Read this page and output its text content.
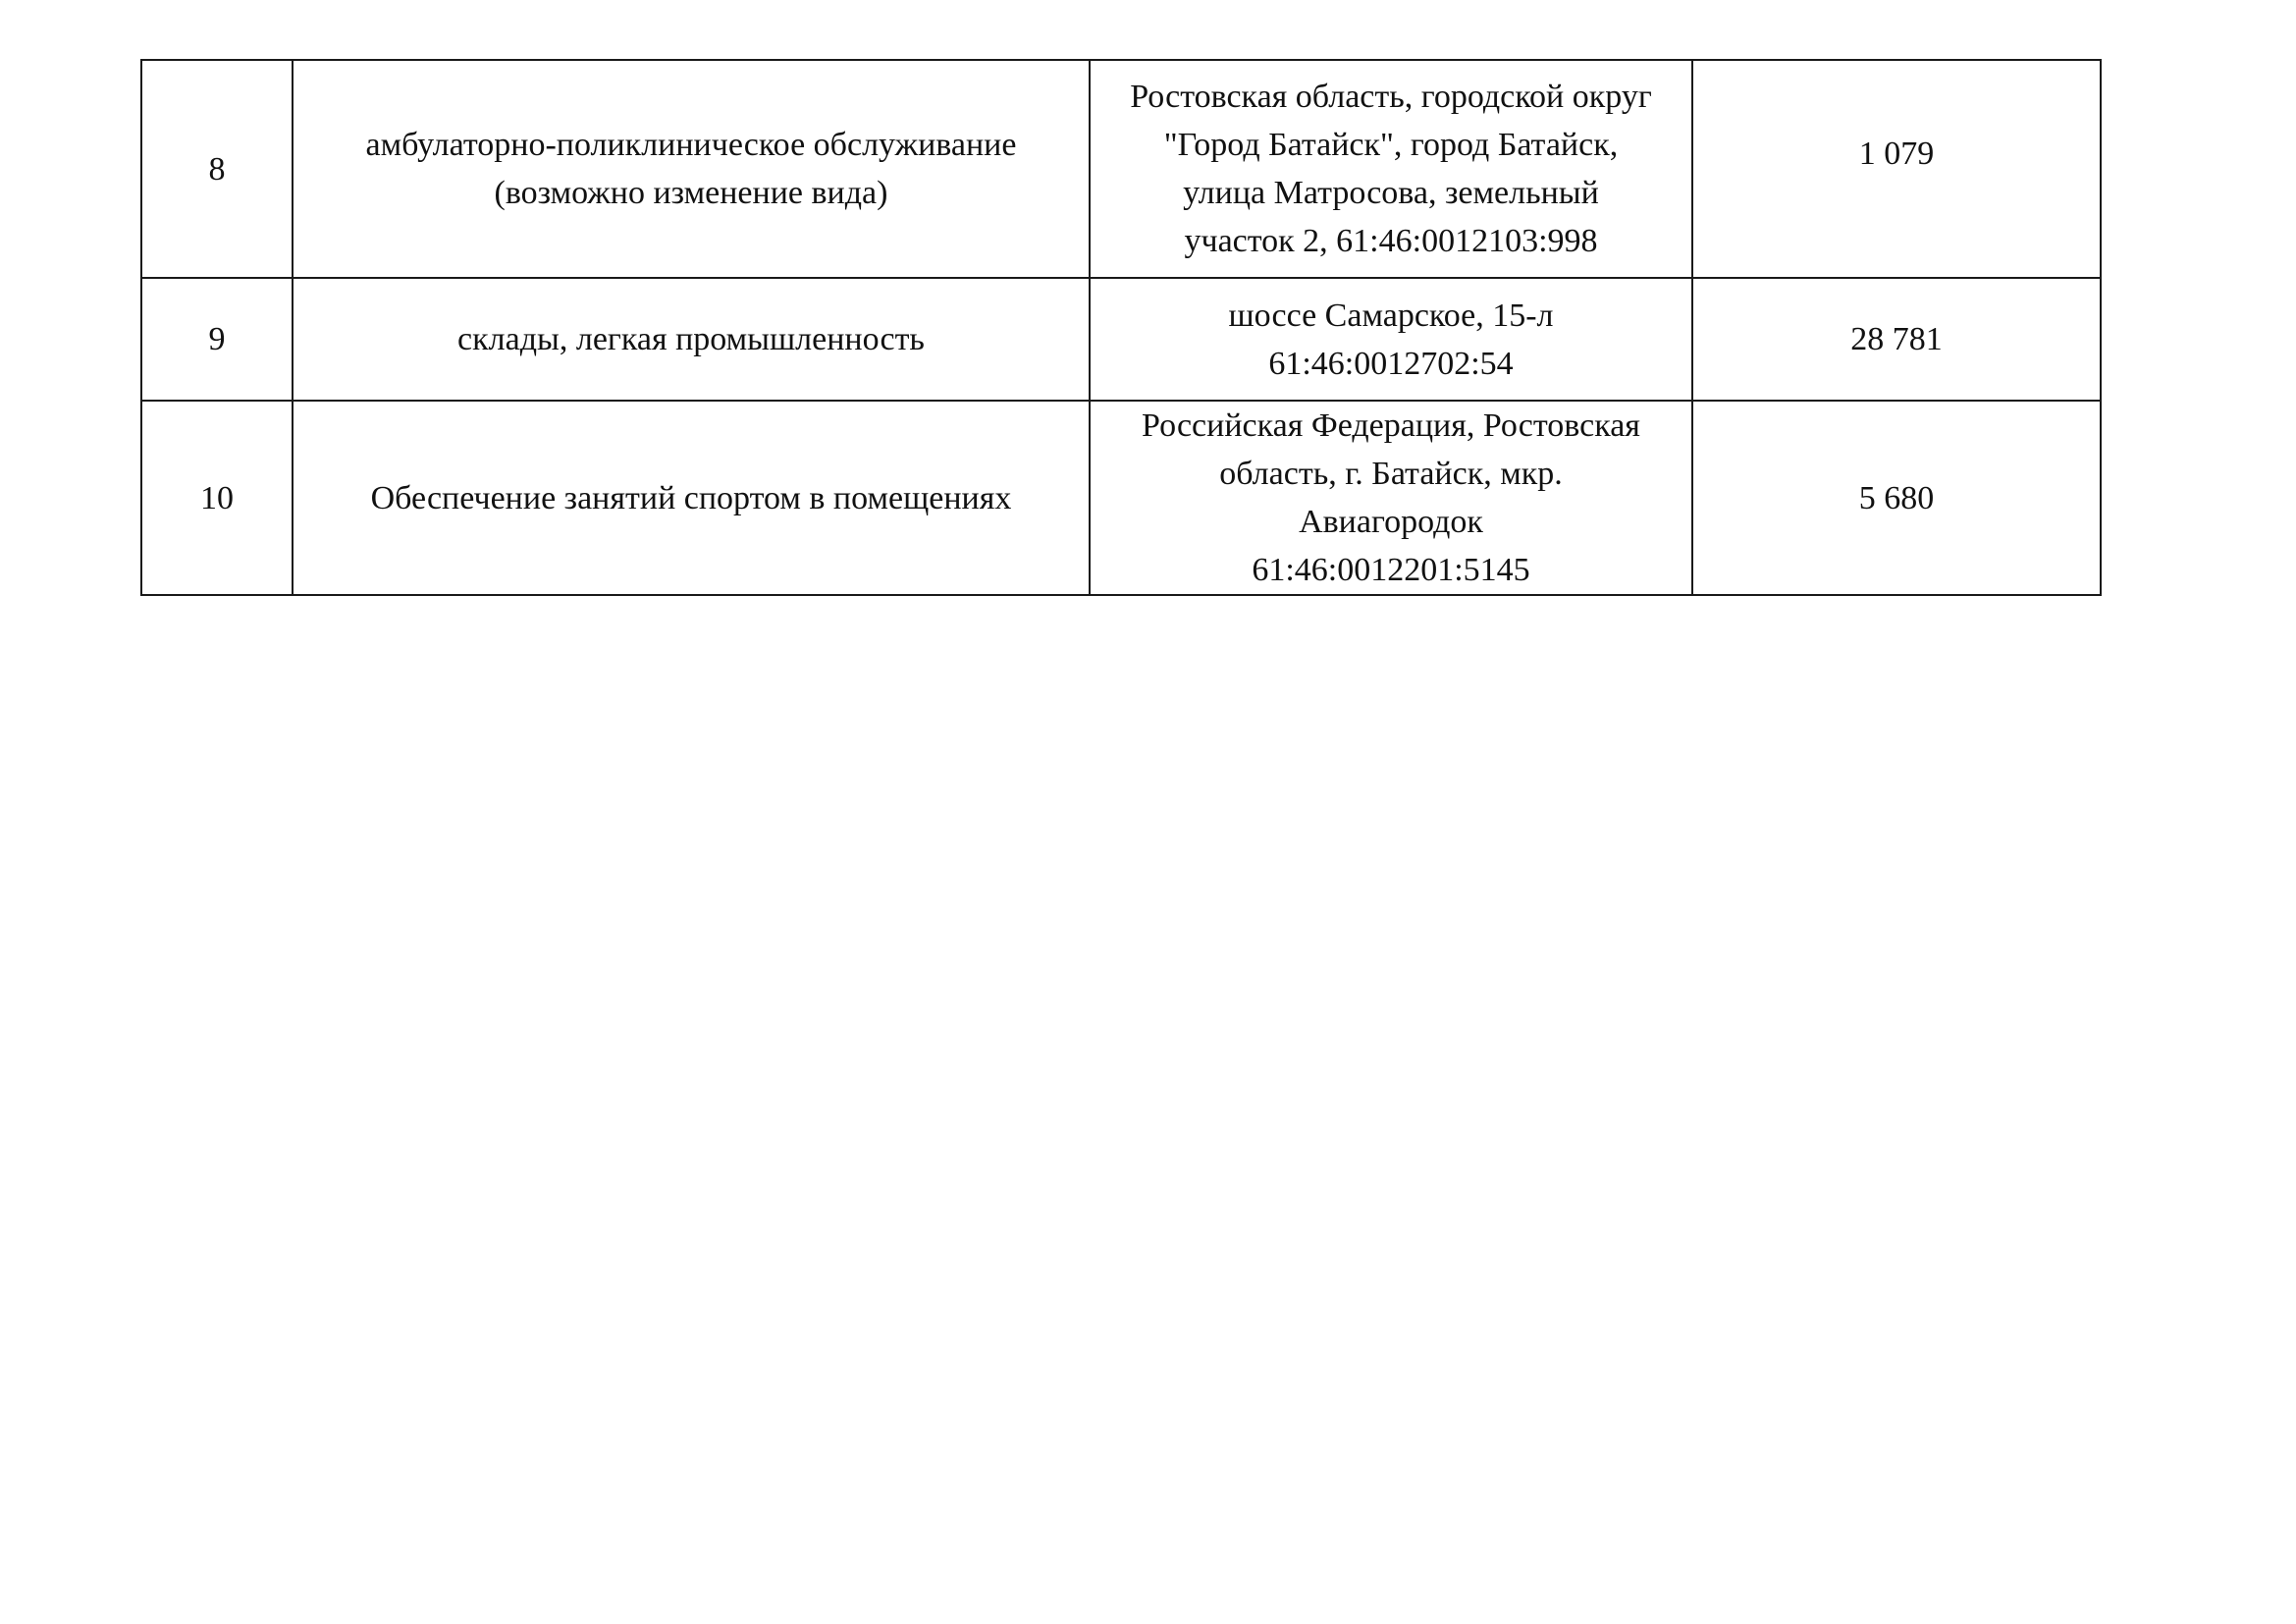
8	амбулаторно-поликлиническое обслуживание
(возможно изменение вида)	Ростовская область, городской округ
"Город Батайск", город Батайск,
улица Матросова, земельный
участок 2, 61:46:0012103:998	1 079
9	склады, легкая промышленность	шоссе Самарское, 15-л
61:46:0012702:54	28 781
10	Обеспечение занятий спортом в помещениях	Российская Федерация, Ростовская
область, г. Батайск, мкр.
Авиагородок
61:46:0012201:5145	5 680
